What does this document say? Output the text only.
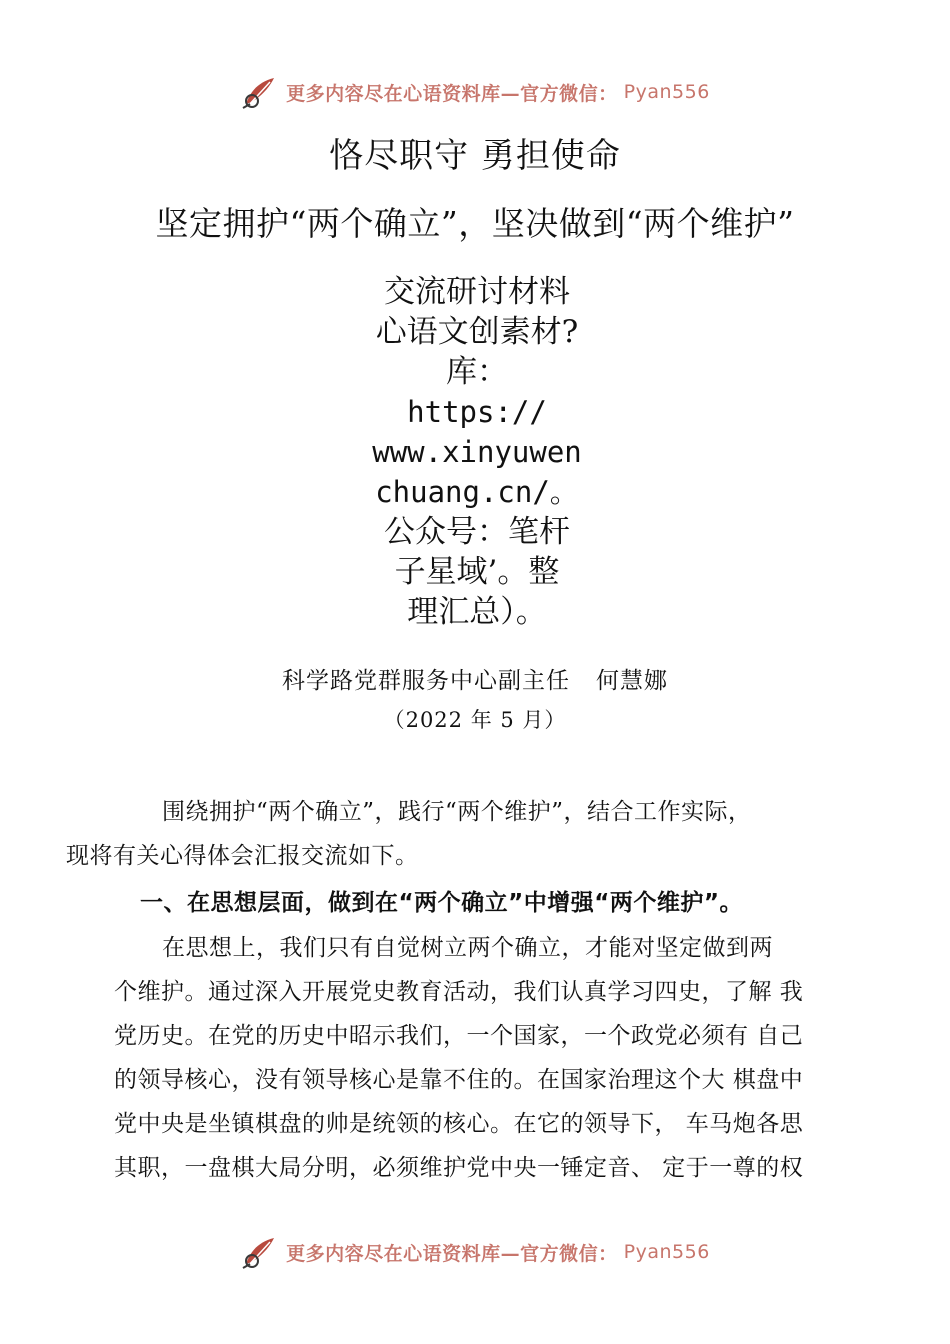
更多内容尽在心语资料库—官方微信： Pyan556
恪尽职守 勇担使命
坚定拥护“两个确立”，坚决做到“两个维护”
交流研讨材料
心语文创素材?
库：
https://
www.xinyuwen
chuang.cn/。
公众号：笔杆
子星域’。整
理汇总）。
科学路党群服务中心副主任 何慧娜
（2022 年 5 月）
围绕拥护“两个确立”，践行“两个维护”，结合工作实际，
现将有关心得体会汇报交流如下。
一、在思想层面，做到在“两个确立”中增强“两个维护”。
在思想上，我们只有自觉树立两个确立，才能对坚定做到两
个维护。通过深入开展党史教育活动，我们认真学习四史，了解 我
党历史。在党的历史中昭示我们，一个国家，一个政党必须有 自己
的领导核心，没有领导核心是靠不住的。在国家治理这个大 棋盘中
党中央是坐镇棋盘的帅是统领的核心。在它的领导下， 车马炮各思
其职，一盘棋大局分明，必须维护党中央一锤定音、 定于一尊的权
更多内容尽在心语资料库—官方微信： Pyan556
